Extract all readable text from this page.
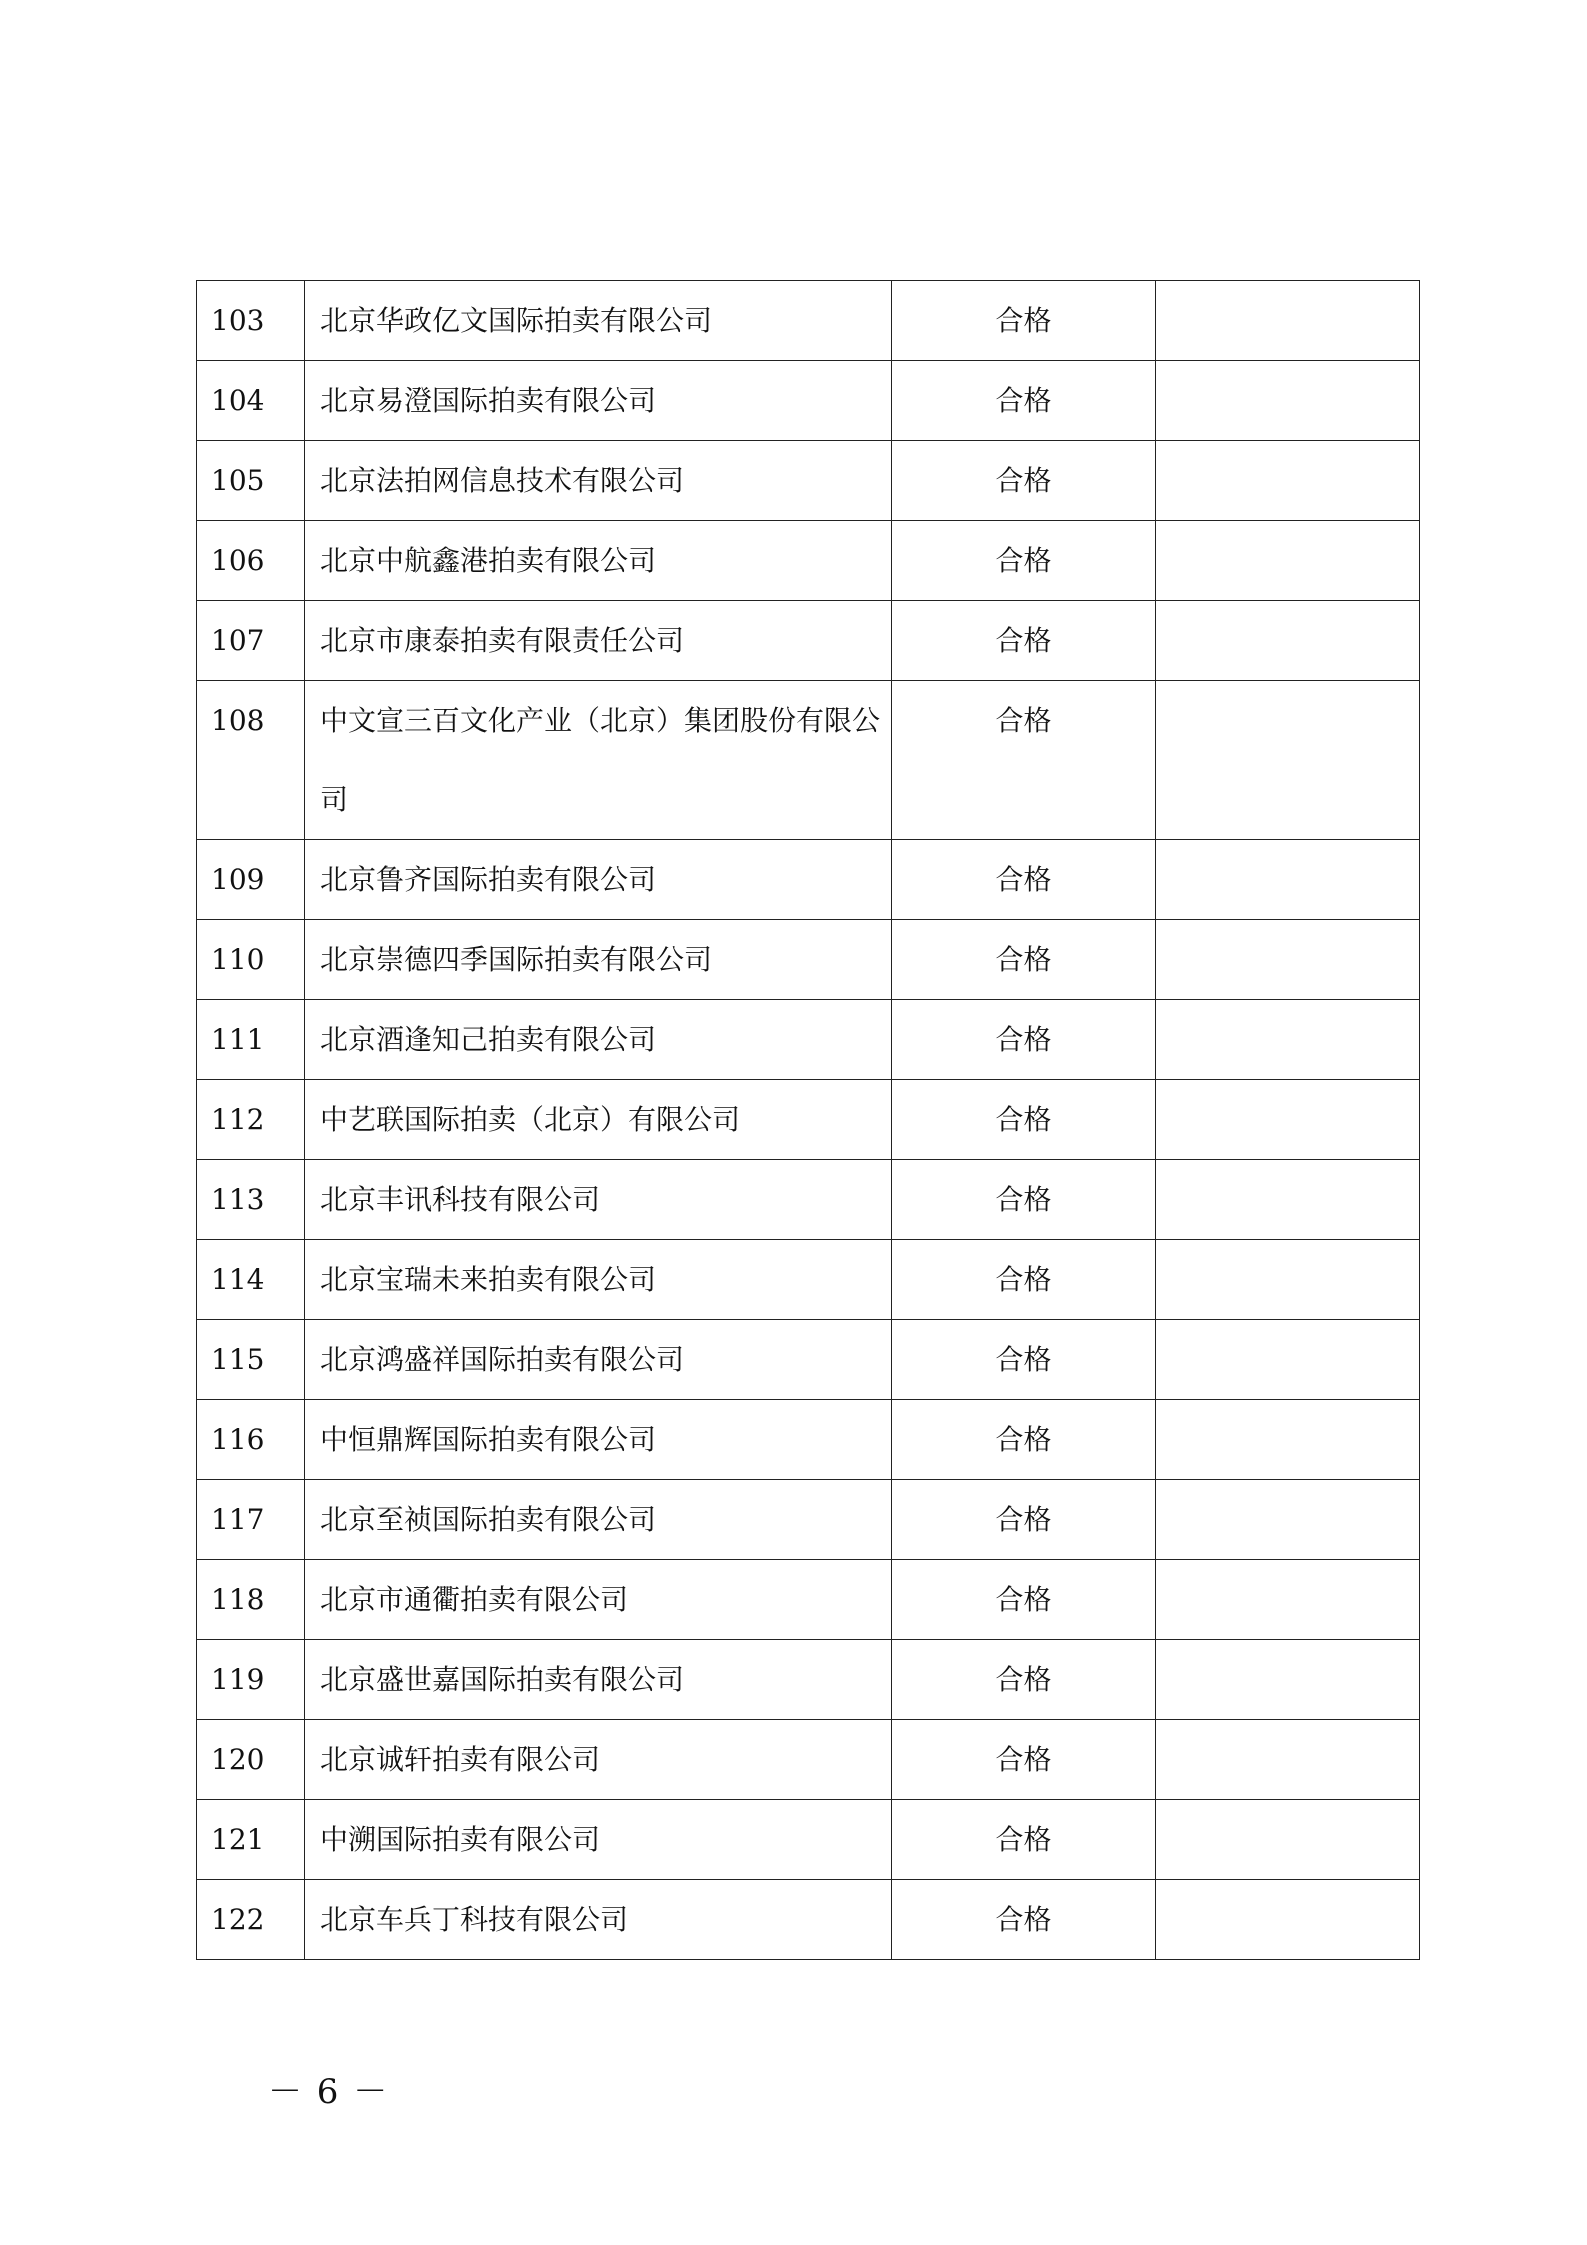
103	北京华政亿文国际拍卖有限公司	合格	
104	北京易澄国际拍卖有限公司	合格	
105	北京法拍网信息技术有限公司	合格	
106	北京中航鑫港拍卖有限公司	合格	
107	北京市康泰拍卖有限责任公司	合格	
108	中文宣三百文化产业（北京）集团股份有限公司	合格	
109	北京鲁齐国际拍卖有限公司	合格	
110	北京崇德四季国际拍卖有限公司	合格	
111	北京酒逢知己拍卖有限公司	合格	
112	中艺联国际拍卖（北京）有限公司	合格	
113	北京丰讯科技有限公司	合格	
114	北京宝瑞未来拍卖有限公司	合格	
115	北京鸿盛祥国际拍卖有限公司	合格	
116	中恒鼎辉国际拍卖有限公司	合格	
117	北京至祯国际拍卖有限公司	合格	
118	北京市通衢拍卖有限公司	合格	
119	北京盛世嘉国际拍卖有限公司	合格	
120	北京诚轩拍卖有限公司	合格	
121	中溯国际拍卖有限公司	合格	
122	北京车兵丁科技有限公司	合格	
－ 6 －
